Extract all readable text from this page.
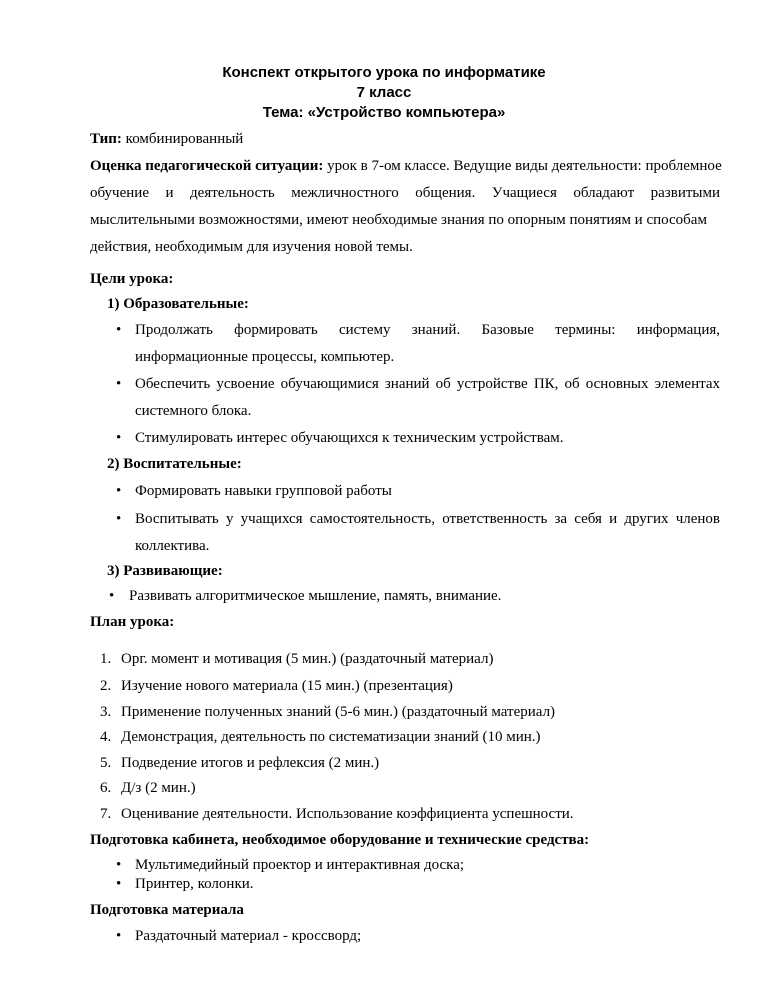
Конспект открытого урока по информатике
7 класс
Тема: «Устройство компьютера»
Тип: комбинированный
Оценка педагогической ситуации: урок в 7-ом классе. Ведущие виды деятельности: проблемное
обучение и деятельность межличностного общения. Учащиеся обладают развитыми
мыслительными возможностями, имеют необходимые знания по опорным понятиям и способам
действия, необходимым для изучения новой темы.
Цели урока:
1) Образовательные:
• Продолжать формировать систему знаний. Базовые термины: информация,
информационные процессы, компьютер.
• Обеспечить усвоение обучающимися знаний об устройстве ПК, об основных элементах
системного блока.
• Стимулировать интерес обучающихся к техническим устройствам.
2) Воспитательные:
• Формировать навыки групповой работы
• Воспитывать у учащихся самостоятельность, ответственность за себя и других членов
коллектива.
3) Развивающие:
• Развивать алгоритмическое мышление, память, внимание.
План урока:
1. Орг. момент и мотивация (5 мин.) (раздаточный материал)
2. Изучение нового материала (15 мин.) (презентация)
3. Применение полученных знаний (5-6 мин.) (раздаточный материал)
4. Демонстрация, деятельность по систематизации знаний (10 мин.)
5. Подведение итогов и рефлексия (2 мин.)
6. Д/з (2 мин.)
7. Оценивание деятельности. Использование коэффициента успешности.
Подготовка кабинета, необходимое оборудование и технические средства:
• Мультимедийный проектор и интерактивная доска;
• Принтер, колонки.
Подготовка материала
• Раздаточный материал - кроссворд;
